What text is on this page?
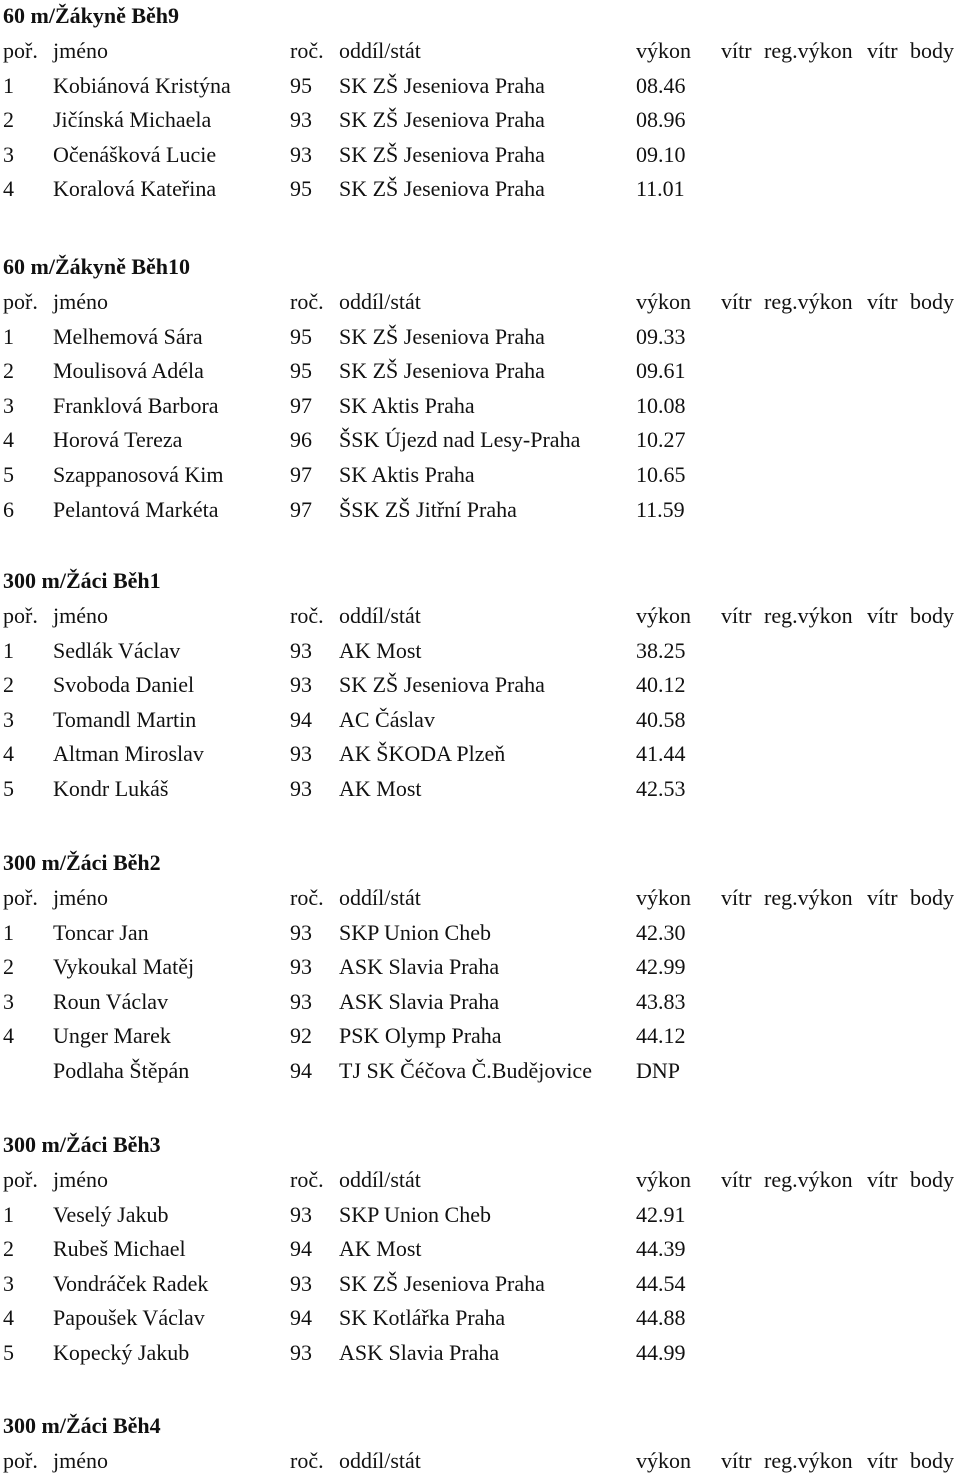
60 m/Žákyně Běh9
poř. jméno	roč. oddíl/stát	výkon vítr reg.výkon vítr body
1 Kobiánová Kristýna	95 SK ZŠ Jeseniova Praha	08.46
2 Jičínská Michaela	93 SK ZŠ Jeseniova Praha	08.96
3 Očenášková Lucie	93 SK ZŠ Jeseniova Praha	09.10
4 Koralová Kateřina	95 SK ZŠ Jeseniova Praha	11.01
60 m/Žákyně Běh10
poř. jméno	roč. oddíl/stát	výkon vítr reg.výkon vítr body
1 Melhemová Sára	95 SK ZŠ Jeseniova Praha	09.33
2 Moulisová Adéla	95 SK ZŠ Jeseniova Praha	09.61
3 Franklová Barbora	97 SK Aktis Praha	10.08
4 Horová Tereza	96 ŠSK Újezd nad Lesy-Praha	10.27
5 Szappanosová Kim	97 SK Aktis Praha	10.65
6 Pelantová Markéta	97 ŠSK ZŠ Jitřní Praha	11.59
300 m/Žáci Běh1
poř. jméno	roč. oddíl/stát	výkon vítr reg.výkon vítr body
1 Sedlák Václav	93 AK Most	38.25
2 Svoboda Daniel	93 SK ZŠ Jeseniova Praha	40.12
3 Tomandl Martin	94 AC Čáslav	40.58
4 Altman Miroslav	93 AK ŠKODA Plzeň	41.44
5 Kondr Lukáš	93 AK Most	42.53
300 m/Žáci Běh2
poř. jméno	roč. oddíl/stát	výkon vítr reg.výkon vítr body
1 Toncar Jan	93 SKP Union Cheb	42.30
2 Vykoukal Matěj	93 ASK Slavia Praha	42.99
3 Roun Václav	93 ASK Slavia Praha	43.83
4 Unger Marek	92 PSK Olymp Praha	44.12
Podlaha Štěpán	94 TJ SK Čéčova Č.Budějovice DNP
300 m/Žáci Běh3
poř. jméno	roč. oddíl/stát	výkon vítr reg.výkon vítr body
1 Veselý Jakub	93 SKP Union Cheb	42.91
2 Rubeš Michael	94 AK Most	44.39
3 Vondráček Radek	93 SK ZŠ Jeseniova Praha	44.54
4 Papoušek Václav	94 SK Kotlářka Praha	44.88
5 Kopecký Jakub	93 ASK Slavia Praha	44.99
300 m/Žáci Běh4
poř. jméno	roč. oddíl/stát	výkon vítr reg.výkon vítr body
